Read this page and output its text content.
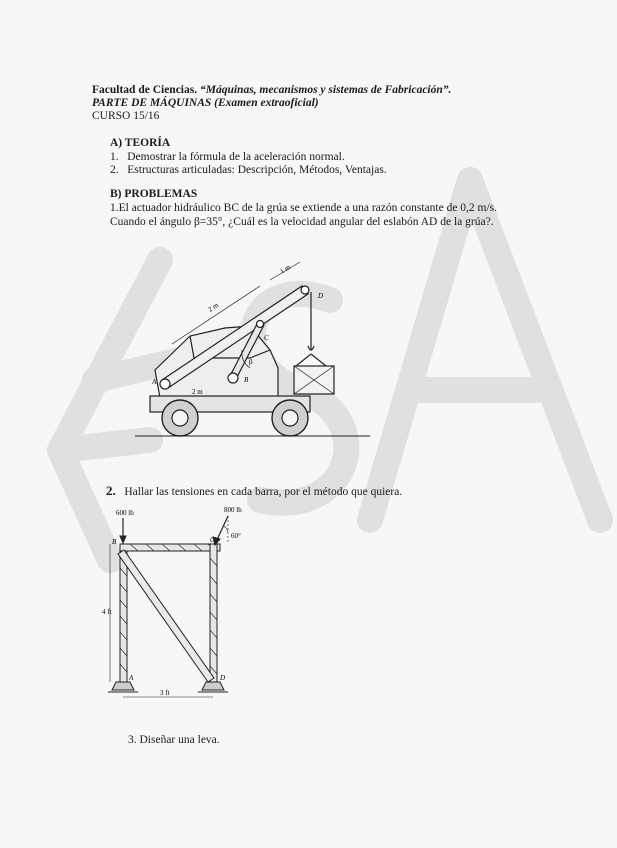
Facultad de Ciencias. “Máquinas, mecanismos y sistemas de Fabricación”.
PARTE DE MÁQUINAS (Examen extraoficial)
CURSO 15/16
A) TEORÍA
1. Demostrar la fórmula de la aceleración normal.
2. Estructuras articuladas: Descripción, Métodos, Ventajas.
B) PROBLEMAS
1.El actuador hidráulico BC de la grúa se extiende a una razón constante de 0,2 m/s.
Cuando el ángulo β=35°, ¿Cuál es la velocidad angular del eslabón AD de la grúa?.
A	B
C
D
β
2 m
2 m
1 m
2. Hallar las tensiones en cada barra, por el método que quiera.
600 lb	800 lb
60°
4 ft
3 ft
B	C
A	D
3. Diseñar una leva.
